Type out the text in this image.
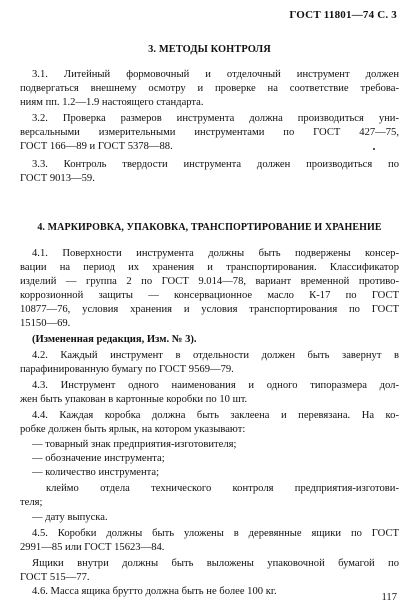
ГОСТ 11801—74 С. 3
3. МЕТОДЫ КОНТРОЛЯ
3.1. Литейный формовочный и отделочный инструмент должен
подвергаться внешнему осмотру и проверке на соответствие требова-
ниям пп. 1.2—1.9 настоящего стандарта.
3.2. Проверка размеров инструмента должна производиться уни-
версальными измерительными инструментами по ГОСТ 427—75,
ГОСТ 166—89 и ГОСТ 5378—88.
3.3. Контроль твердости инструмента должен производиться по
ГОСТ 9013—59.
4. МАРКИРОВКА, УПАКОВКА, ТРАНСПОРТИРОВАНИЕ И ХРАНЕНИЕ
4.1. Поверхности инструмента должны быть подвержены консер-
вации на период их хранения и транспортирования. Классификатор
изделий — группа 2 по ГОСТ 9.014—78, вариант временной противо-
коррозионной защиты — консервационное масло К-17 по ГОСТ
10877—76, условия хранения и условия транспортирования по ГОСТ
15150—69.
(Измененная редакция, Изм. № 3).
4.2. Каждый инструмент в отдельности должен быть завернут в
парафинированную бумагу по ГОСТ 9569—79.
4.3. Инструмент одного наименования и одного типоразмера дол-
жен быть упакован в картонные коробки по 10 шт.
4.4. Каждая коробка должна быть заклеена и перевязана. На ко-
робке должен быть ярлык, на котором указывают:
— товарный знак предприятия-изготовителя;
— обозначение инструмента;
— количество инструмента;
клеймо отдела технического контроля предприятия-изготови-
теля;
— дату выпуска.
4.5. Коробки должны быть уложены в деревянные ящики по ГОСТ
2991—85 или ГОСТ 15623—84.
Ящики внутри должны быть выложены упаковочной бумагой по
ГОСТ 515—77.
4.6. Масса ящика брутто должна быть не более 100 кг.
117
